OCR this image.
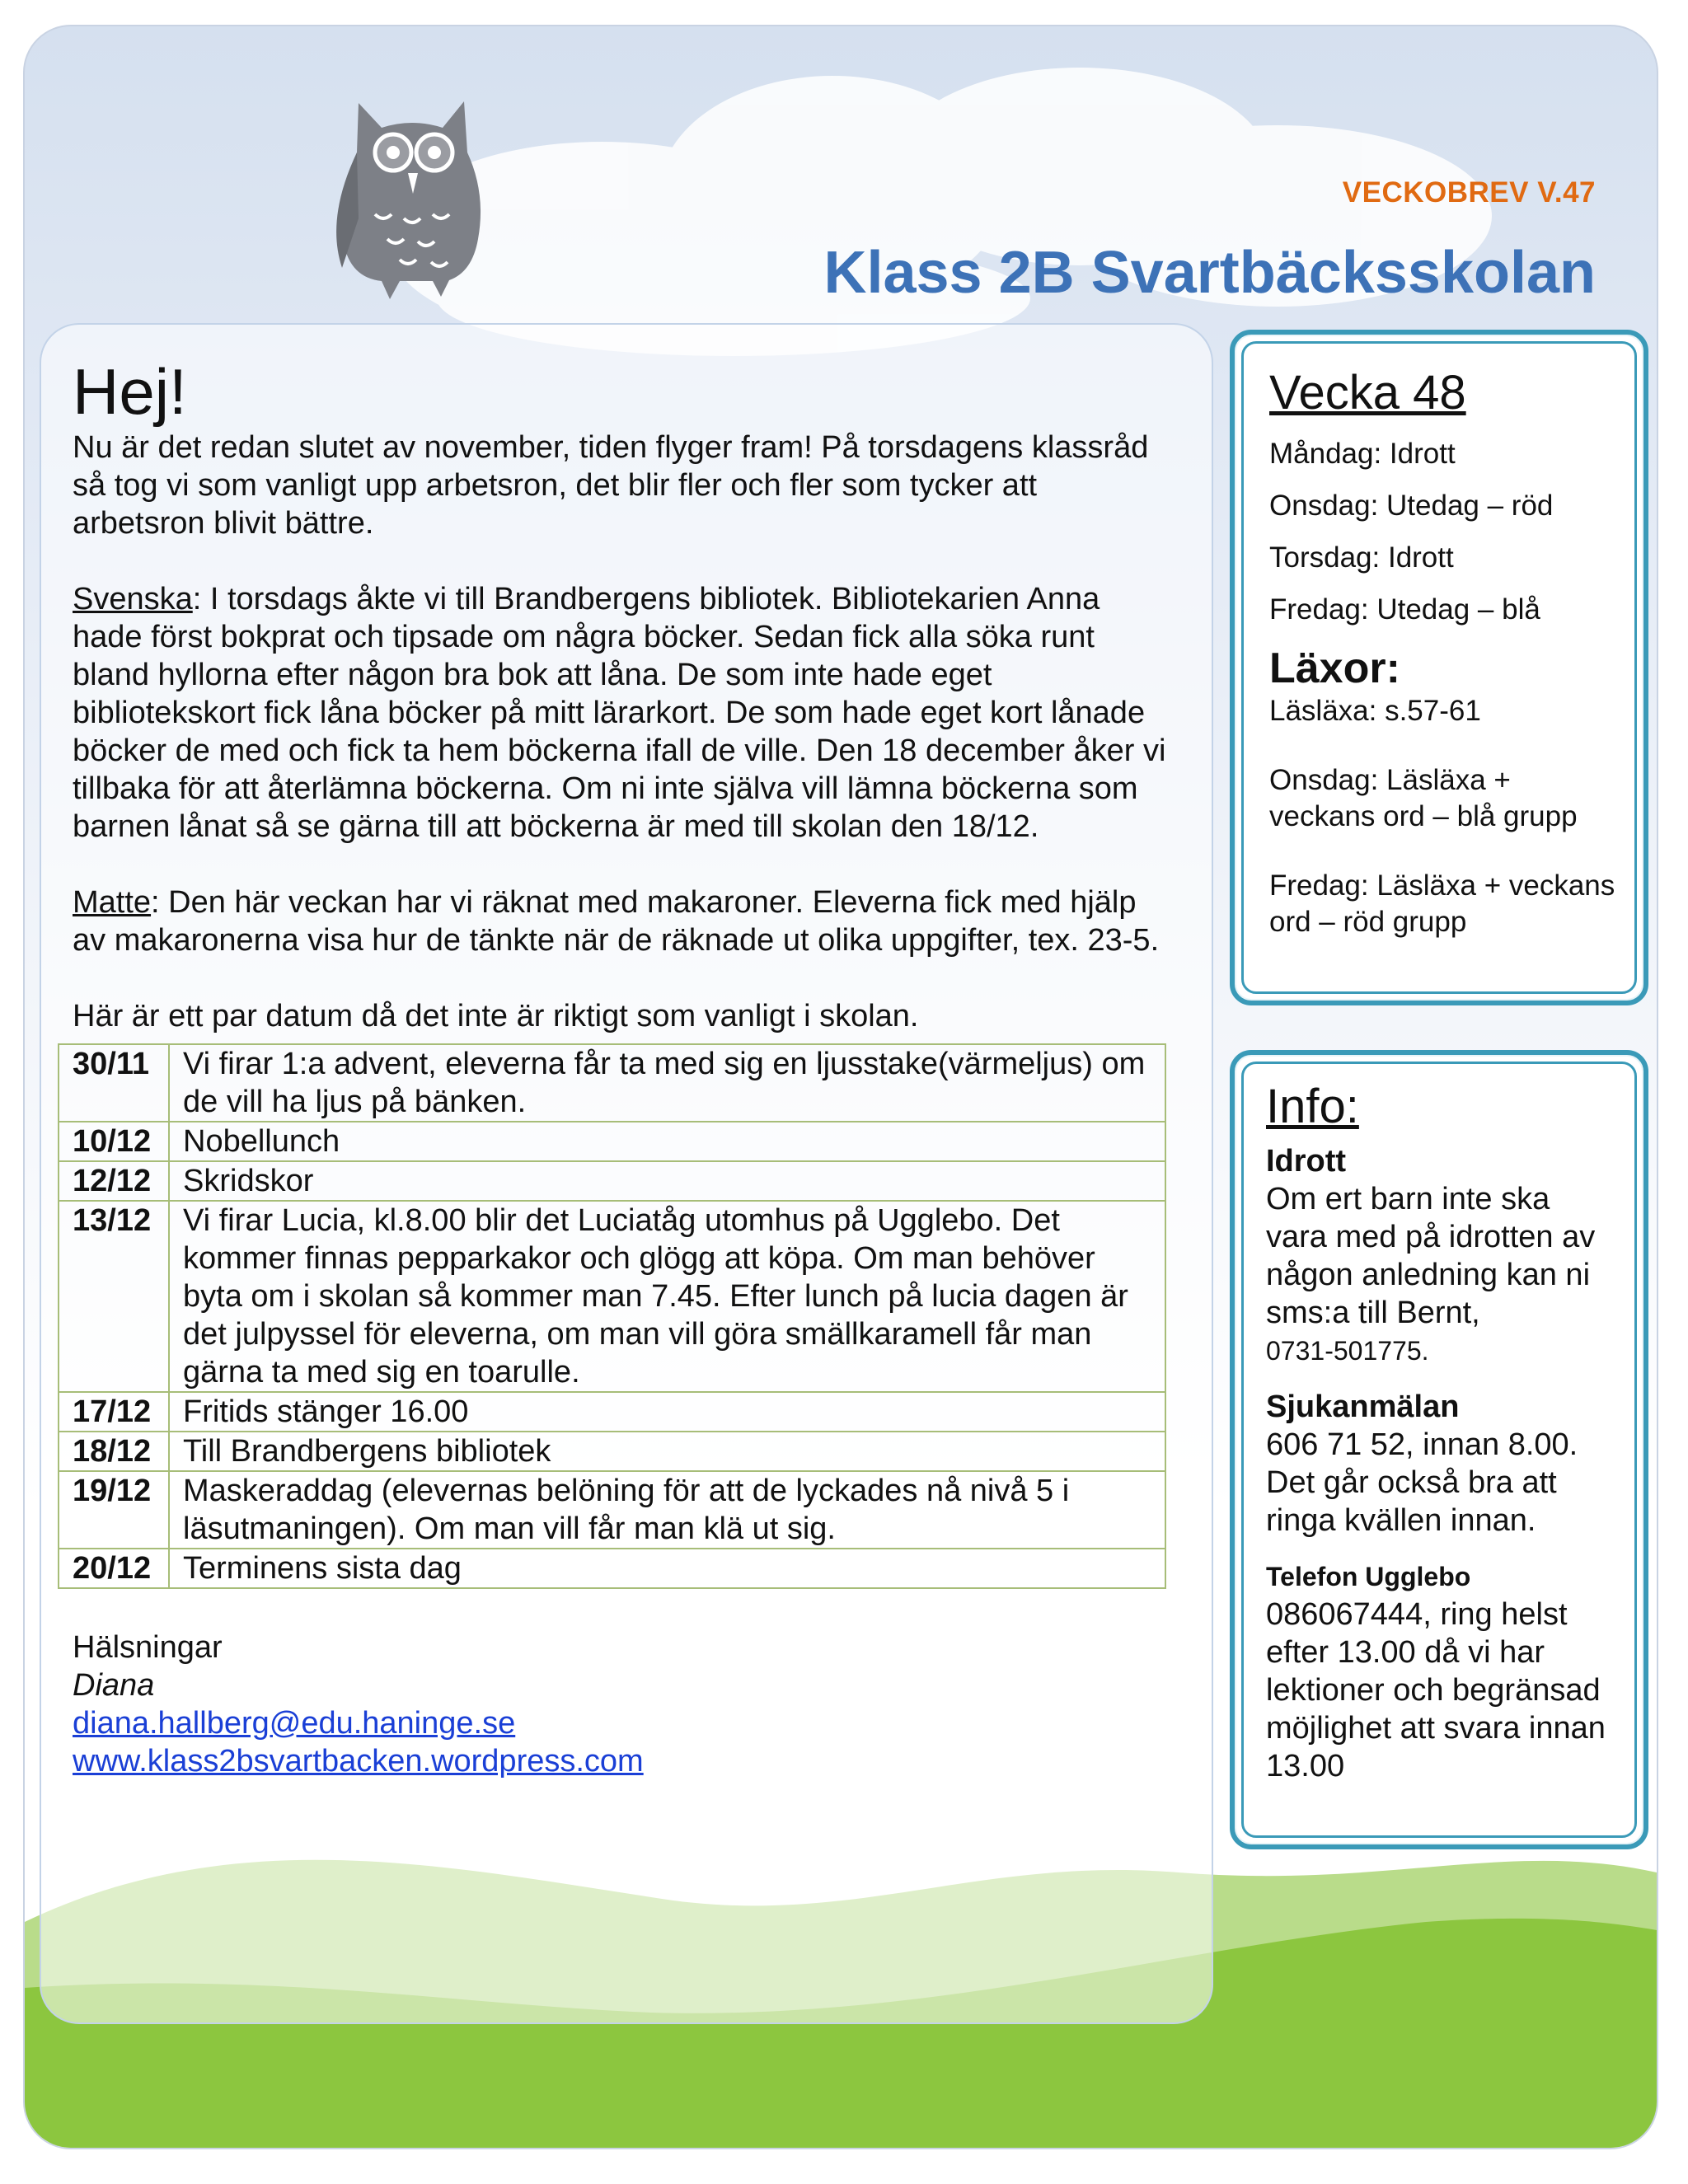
VECKOBREV V.47
Klass 2B Svartbäcksskolan
Hej!

Nu är det redan slutet av november, tiden flyger fram! På torsdagens klassråd så tog vi som vanligt upp arbetsron, det blir fler och fler som tycker att arbetsron blivit bättre.

Svenska: I torsdags åkte vi till Brandbergens bibliotek. Bibliotekarien Anna hade först bokprat och tipsade om några böcker. Sedan fick alla söka runt bland hyllorna efter någon bra bok att låna. De som inte hade eget bibliotekskort fick låna böcker på mitt lärarkort. De som hade eget kort lånade böcker de med och fick ta hem böckerna ifall de ville. Den 18 december åker vi tillbaka för att återlämna böckerna. Om ni inte själva vill lämna böckerna som barnen lånat så se gärna till att böckerna är med till skolan den 18/12.

Matte: Den här veckan har vi räknat med makaroner. Eleverna fick med hjälp av makaronerna visa hur de tänkte när de räknade ut olika uppgifter, tex. 23-5.

Här är ett par datum då det inte är riktigt som vanligt i skolan.

30/11	Vi firar 1:a advent, eleverna får ta med sig en ljusstake(värmeljus) om de vill ha ljus på bänken.
10/12	Nobellunch
12/12	Skridskor
13/12	Vi firar Lucia, kl.8.00 blir det Luciatåg utomhus på Ugglebo. Det kommer finnas pepparkakor och glögg att köpa. Om man behöver byta om i skolan så kommer man 7.45. Efter lunch på lucia dagen är det julpyssel för eleverna, om man vill göra smällkaramell får man gärna ta med sig en toarulle.
17/12	Fritids stänger 16.00
18/12	Till Brandbergens bibliotek
19/12	Maskeraddag (elevernas belöning för att de lyckades nå nivå 5 i läsutmaningen). Om man vill får man klä ut sig.
20/12	Terminens sista dag
Hälsningar
Diana
diana.hallberg@edu.haninge.se
www.klass2bsvartbacken.wordpress.com
Vecka 48
Måndag: Idrott
Onsdag: Utedag – röd
Torsdag: Idrott
Fredag: Utedag – blå
Läxor:
Läsläxa: s.57-61
Onsdag: Läsläxa + veckans ord – blå grupp
Fredag: Läsläxa + veckans ord – röd grupp
Info:
Idrott
Om ert barn inte ska vara med på idrotten av någon anledning kan ni sms:a till Bernt,
0731-501775.
Sjukanmälan
606 71 52, innan 8.00. Det går också bra att ringa kvällen innan.
Telefon Ugglebo
086067444, ring helst efter 13.00 då vi har lektioner och begränsad möjlighet att svara innan 13.00
